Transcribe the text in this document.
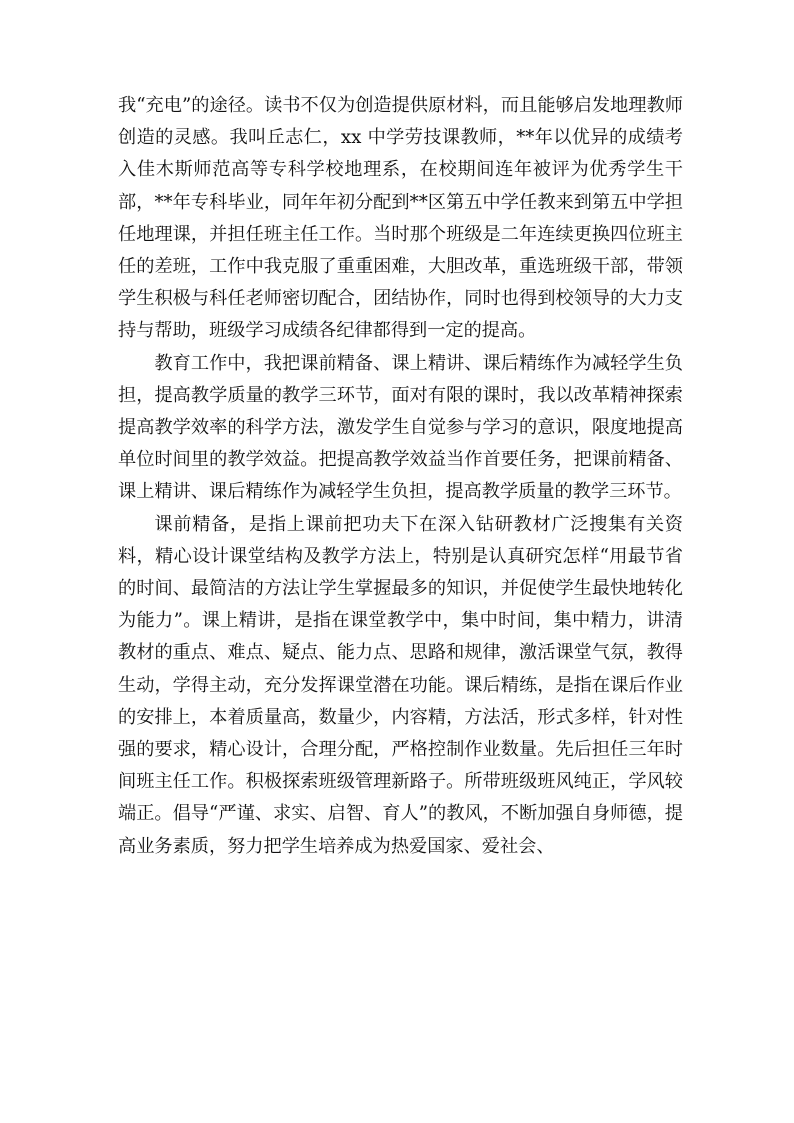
我“充电”的途径。读书不仅为创造提供原材料，而且能够启发地理教师创造的灵感。我叫丘志仁，xx 中学劳技课教师，**年以优异的成绩考入佳木斯师范高等专科学校地理系，在校期间连年被评为优秀学生干部，**年专科毕业，同年年初分配到**区第五中学任教来到第五中学担任地理课，并担任班主任工作。当时那个班级是二年连续更换四位班主任的差班，工作中我克服了重重困难，大胆改革，重选班级干部，带领学生积极与科任老师密切配合，团结协作，同时也得到校领导的大力支持与帮助，班级学习成绩各纪律都得到一定的提高。

教育工作中，我把课前精备、课上精讲、课后精练作为减轻学生负担，提高教学质量的教学三环节，面对有限的课时，我以改革精神探索提高教学效率的科学方法，激发学生自觉参与学习的意识，限度地提高单位时间里的教学效益。把提高教学效益当作首要任务，把课前精备、课上精讲、课后精练作为减轻学生负担，提高教学质量的教学三环节。

课前精备，是指上课前把功夫下在深入钻研教材广泛搜集有关资料，精心设计课堂结构及教学方法上，特别是认真研究怎样“用最节省的时间、最简洁的方法让学生掌握最多的知识，并促使学生最快地转化为能力”。课上精讲，是指在课堂教学中，集中时间，集中精力，讲清教材的重点、难点、疑点、能力点、思路和规律，激活课堂气氛，教得生动，学得主动，充分发挥课堂潜在功能。课后精练，是指在课后作业的安排上，本着质量高，数量少，内容精，方法活，形式多样，针对性强的要求，精心设计，合理分配，严格控制作业数量。先后担任三年时间班主任工作。积极探索班级管理新路子。所带班级班风纯正，学风较端正。倡导“严谨、求实、启智、育人”的教风，不断加强自身师德，提高业务素质，努力把学生培养成为热爱国家、爱社会、
